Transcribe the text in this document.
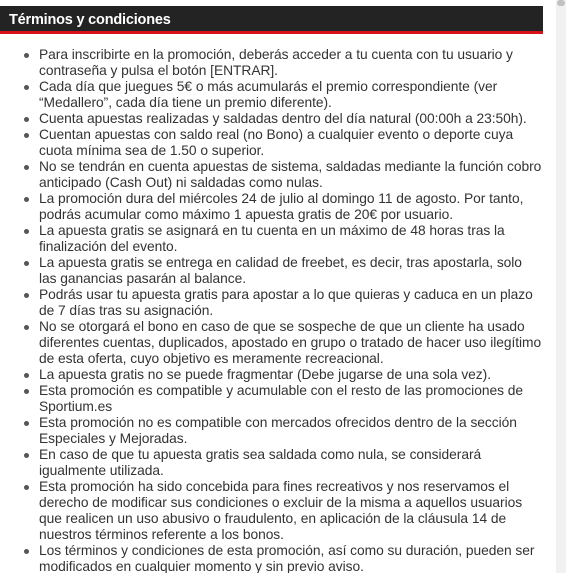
Términos y condiciones
Para inscribirte en la promoción, deberás acceder a tu cuenta con tu usuario y contraseña y pulsa el botón [ENTRAR].
Cada día que juegues 5€ o más acumularás el premio correspondiente (ver “Medallero”, cada día tiene un premio diferente).
Cuenta apuestas realizadas y saldadas dentro del día natural (00:00h a 23:50h).
Cuentan apuestas con saldo real (no Bono) a cualquier evento o deporte cuya cuota mínima sea de 1.50 o superior.
No se tendrán en cuenta apuestas de sistema, saldadas mediante la función cobro anticipado (Cash Out) ni saldadas como nulas.
La promoción dura del miércoles 24 de julio al domingo 11 de agosto. Por tanto, podrás acumular como máximo 1 apuesta gratis de 20€ por usuario.
La apuesta gratis se asignará en tu cuenta en un máximo de 48 horas tras la finalización del evento.
La apuesta gratis se entrega en calidad de freebet, es decir, tras apostarla, solo las ganancias pasarán al balance.
Podrás usar tu apuesta gratis para apostar a lo que quieras y caduca en un plazo de 7 días tras su asignación.
No se otorgará el bono en caso de que se sospeche de que un cliente ha usado diferentes cuentas, duplicados, apostado en grupo o tratado de hacer uso ilegítimo de esta oferta, cuyo objetivo es meramente recreacional.
La apuesta gratis no se puede fragmentar (Debe jugarse de una sola vez).
Esta promoción es compatible y acumulable con el resto de las promociones de Sportium.es
Esta promoción no es compatible con mercados ofrecidos dentro de la sección Especiales y Mejoradas.
En caso de que tu apuesta gratis sea saldada como nula, se considerará igualmente utilizada.
Esta promoción ha sido concebida para fines recreativos y nos reservamos el derecho de modificar sus condiciones o excluir de la misma a aquellos usuarios que realicen un uso abusivo o fraudulento, en aplicación de la cláusula 14 de nuestros términos referente a los bonos.
Los términos y condiciones de esta promoción, así como su duración, pueden ser modificados en cualquier momento y sin previo aviso.
